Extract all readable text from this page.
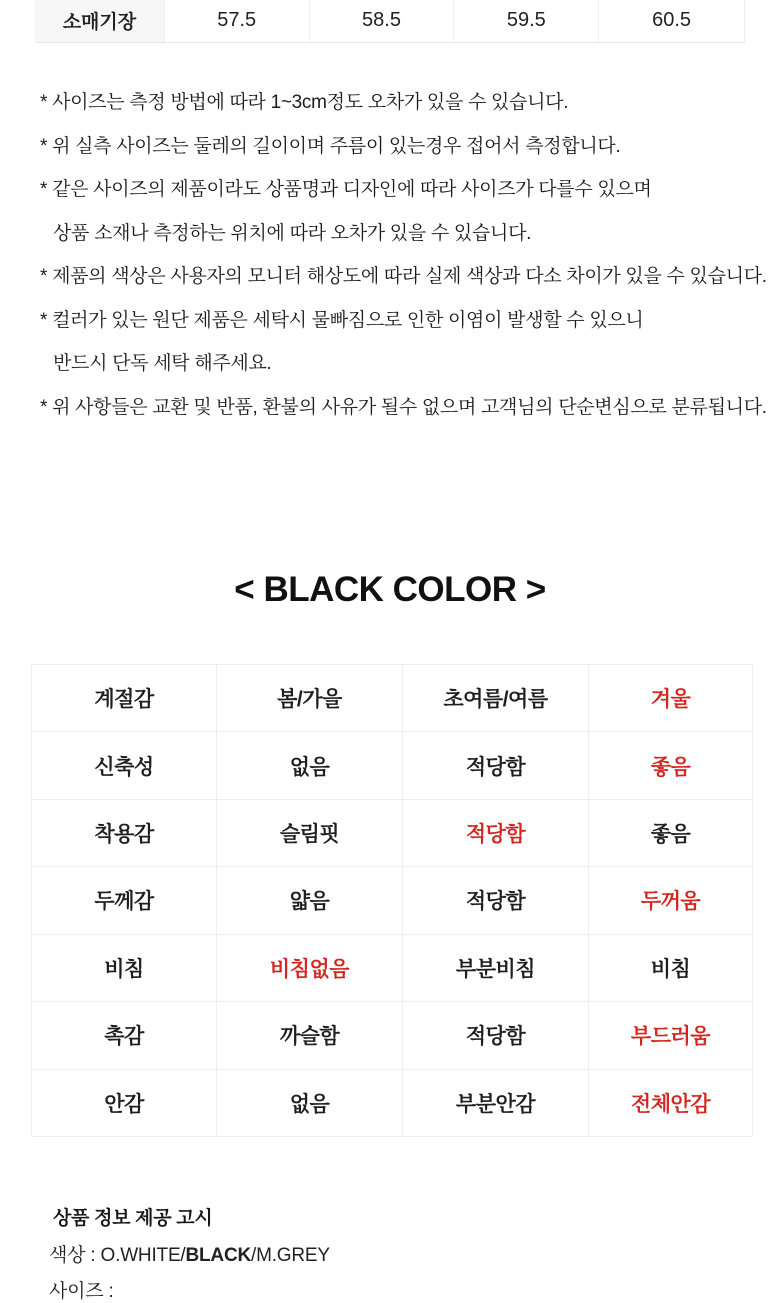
소매기장	57.5	58.5	59.5	60.5
* 사이즈는 측정 방법에 따라 1~3cm정도 오차가 있을 수 있습니다.
* 위 실측 사이즈는 둘레의 길이이며 주름이 있는경우 접어서 측정합니다.
* 같은 사이즈의 제품이라도 상품명과 디자인에 따라 사이즈가 다를수 있으며
상품 소재나 측정하는 위치에 따라 오차가 있을 수 있습니다.
* 제품의 색상은 사용자의 모니터 해상도에 따라 실제 색상과 다소 차이가 있을 수 있습니다.
* 컬러가 있는 원단 제품은 세탁시 물빠짐으로 인한 이염이 발생할 수 있으니
반드시 단독 세탁 해주세요.
* 위 사항들은 교환 및 반품, 환불의 사유가 될수 없으며 고객님의 단순변심으로 분류됩니다.
< BLACK COLOR >
계절감	봄/가을	초여름/여름	겨울
신축성	없음	적당함	좋음
착용감	슬림핏	적당함	좋음
두께감	얇음	적당함	두꺼움
비침	비침없음	부분비침	비침
촉감	까슬함	적당함	부드러움
안감	없음	부분안감	전체안감
상품 정보 제공 고시
색상 : O.WHITE/BLACK/M.GREY
사이즈 :
